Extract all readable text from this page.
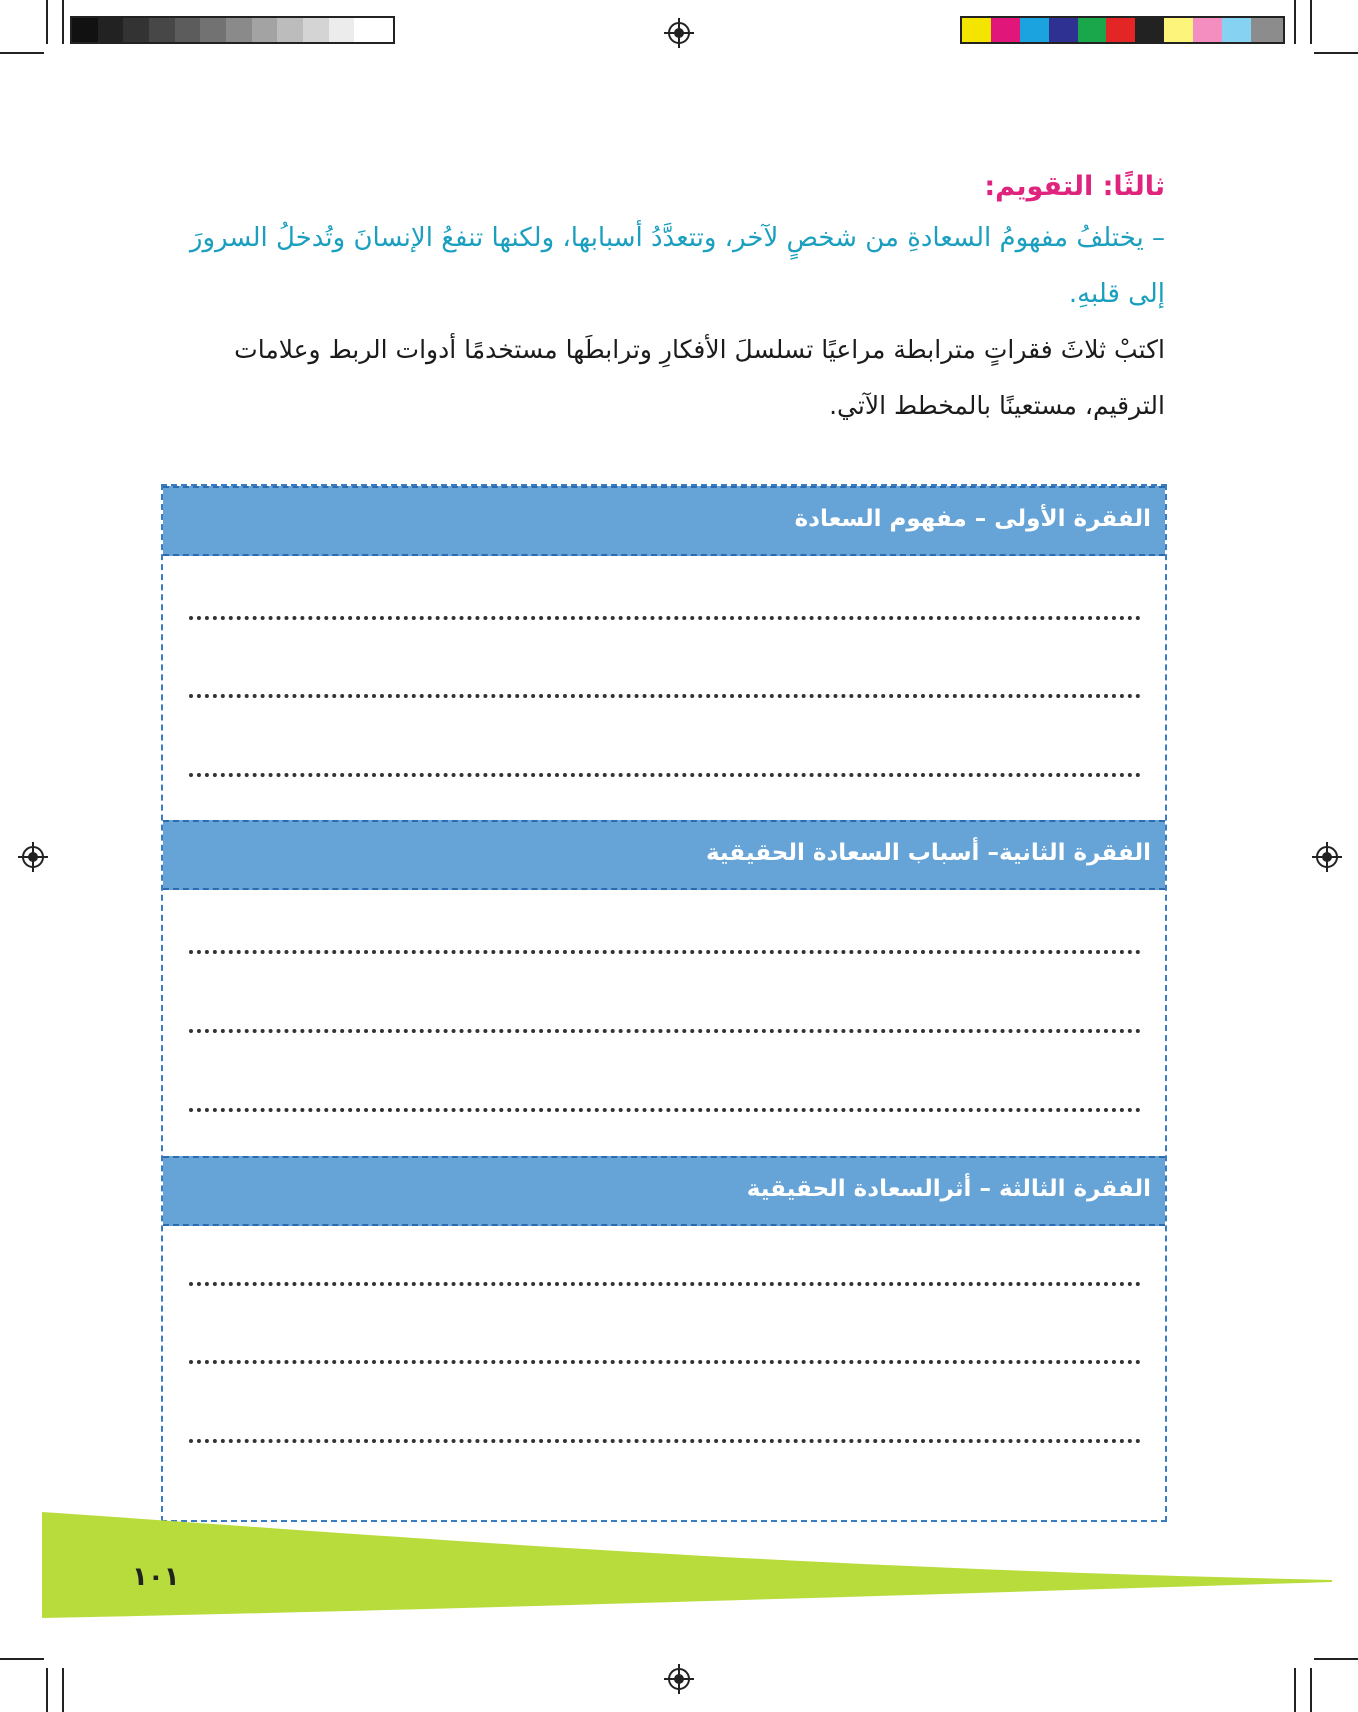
ثالثًا: التقويم:

– يختلفُ مفهومُ السعادةِ من شخصٍ لآخر، وتتعدَّدُ أسبابها، ولكنها تنفعُ الإنسانَ وتُدخلُ السرورَ إلى قلبهِ.

اكتبْ ثلاثَ فقراتٍ مترابطة مراعيًا تسلسلَ الأفكارِ وترابطَها مستخدمًا أدوات الربط وعلامات الترقيم، مستعينًا بالمخطط الآتي.

الفقرة الأولى – مفهوم السعادة
الفقرة الثانية– أسباب السعادة الحقيقية
الفقرة الثالثة – أثرالسعادة الحقيقية
١٠١
